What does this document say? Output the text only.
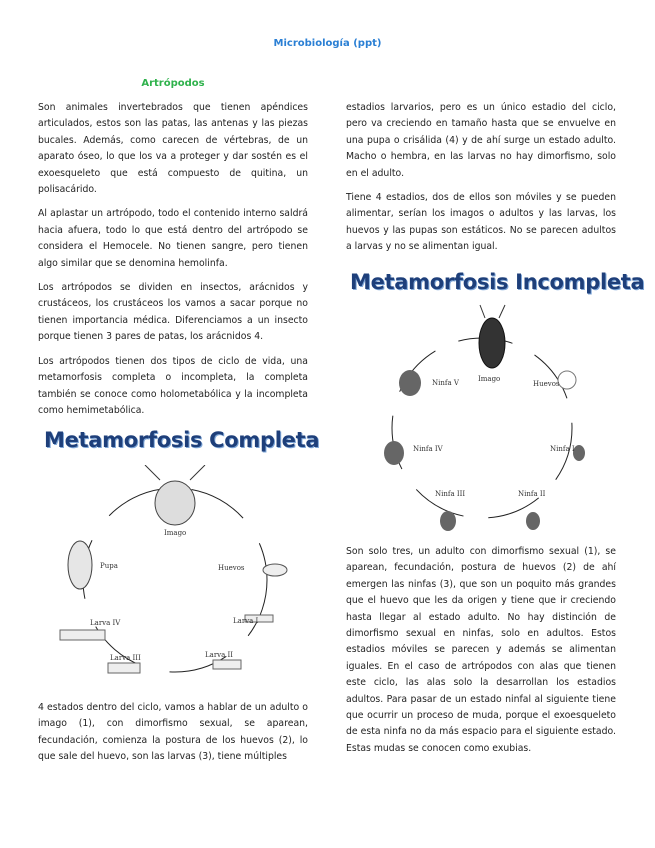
Microbiología (ppt)
Artrópodos

Son animales invertebrados que tienen apéndices articulados, estos son las patas, las antenas y las piezas bucales. Además, como carecen de vértebras, de un aparato óseo, lo que los va a proteger y dar sostén es el exoesqueleto que está compuesto de quitina, un polisacárido.

Al aplastar un artrópodo, todo el contenido interno saldrá hacia afuera, todo lo que está dentro del artrópodo se considera el Hemocele. No tienen sangre, pero tienen algo similar que se denomina hemolinfa.

Los artrópodos se dividen en insectos, arácnidos y crustáceos, los crustáceos los vamos a sacar porque no tienen importancia médica. Diferenciamos a un insecto porque tienen 3 pares de patas, los arácnidos 4.

Los artrópodos tienen dos tipos de ciclo de vida, una metamorfosis completa o incompleta, la completa también se conoce como holometabólica y la incompleta como hemimetabólica.

Metamorfosis Completa
Imago
Huevos
Larva I
Larva II
Larva III
Larva IV
Pupa

4 estados dentro del ciclo, vamos a hablar de un adulto o imago (1), con dimorfismo sexual, se aparean, fecundación, comienza la postura de los huevos (2), lo que sale del huevo, son las larvas (3), tiene múltiples

estadios larvarios, pero es un único estadio del ciclo, pero va creciendo en tamaño hasta que se envuelve en una pupa o crisálida (4) y de ahí surge un estado adulto. Macho o hembra, en las larvas no hay dimorfismo, solo en el adulto.

Tiene 4 estadios, dos de ellos son móviles y se pueden alimentar, serían los imagos o adultos y las larvas, los huevos y las pupas son estáticos. No se parecen adultos a larvas y no se alimentan igual.

Metamorfosis Incompleta
Imago
Huevos
Ninfa I
Ninfa II
Ninfa III
Ninfa IV
Ninfa V

Son solo tres, un adulto con dimorfismo sexual (1), se aparean, fecundación, postura de huevos (2) de ahí emergen las ninfas (3), que son un poquito más grandes que el huevo que les da origen y tiene que ir creciendo hasta llegar al estado adulto. No hay distinción de dimorfismo sexual en ninfas, solo en adultos. Estos estadios móviles se parecen y además se alimentan iguales. En el caso de artrópodos con alas que tienen este ciclo, las alas solo la desarrollan los estadios adultos. Para pasar de un estado ninfal al siguiente tiene que ocurrir un proceso de muda, porque el exoesqueleto de esta ninfa no da más espacio para el siguiente estado. Estas mudas se conocen como exubias.
